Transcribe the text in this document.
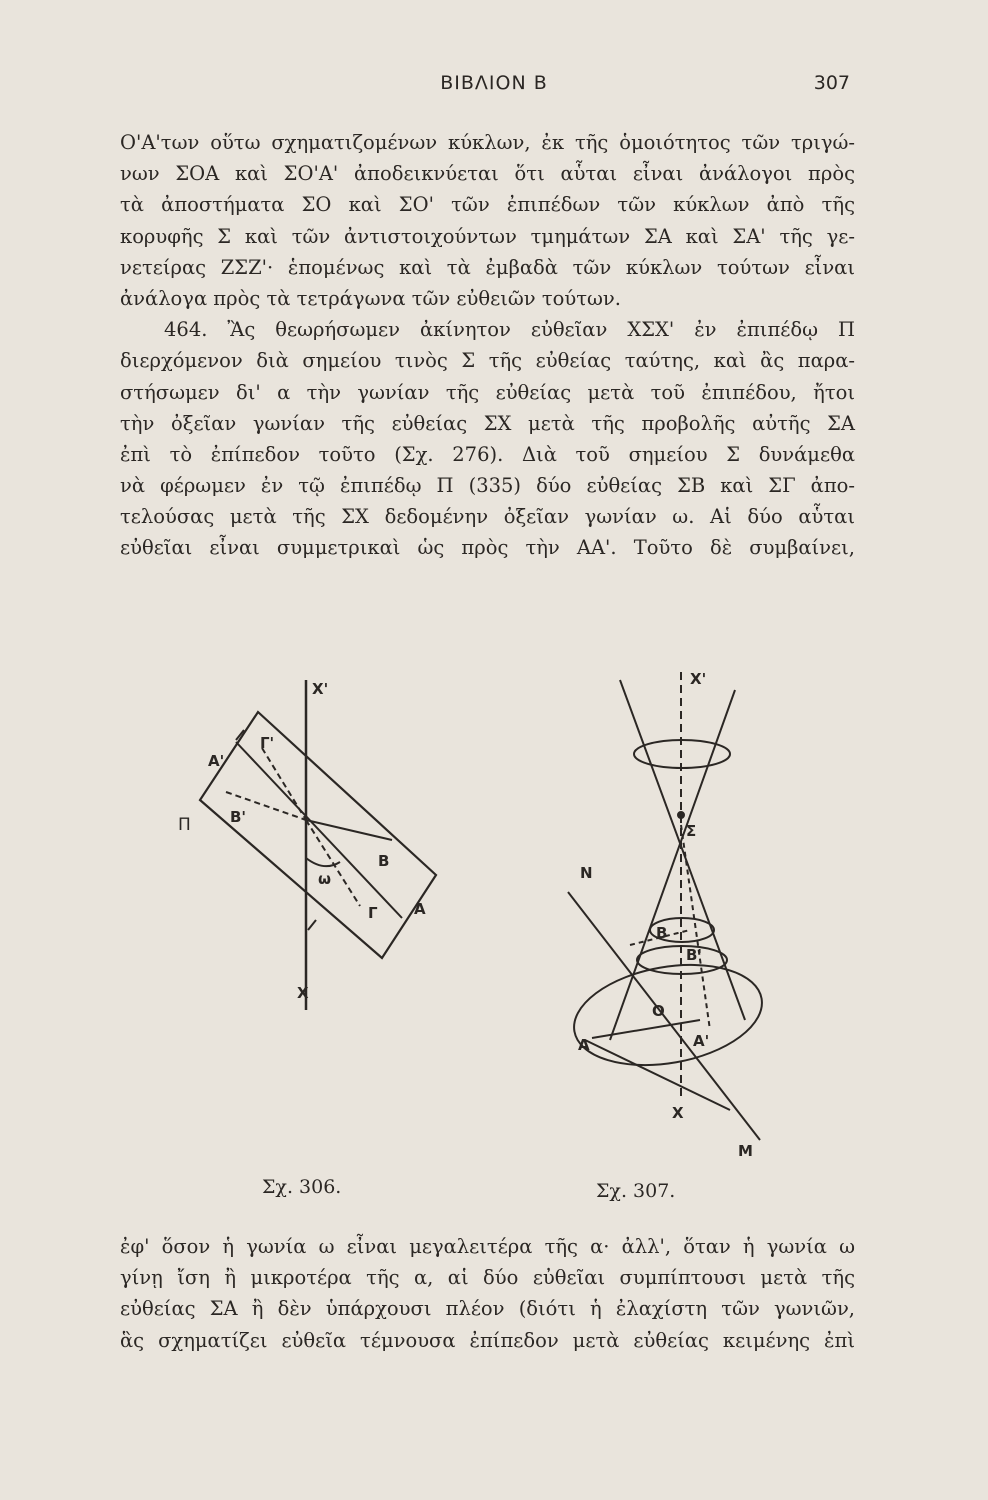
ΒΙΒΛΙΟΝ Β	307
Ο'Α'των οὕτω σχηματιζομένων κύκλων, ἐκ τῆς ὁμοιότητος τῶν τριγώ-
νων ΣΟΑ καὶ ΣΟ'Α' ἀποδεικνύεται ὅτι αὗται εἶναι ἀνάλογοι πρὸς
τὰ ἀποστήματα ΣΟ καὶ ΣΟ' τῶν ἐπιπέδων τῶν κύκλων ἀπὸ τῆς
κορυφῆς Σ καὶ τῶν ἀντιστοιχούντων τμημάτων ΣΑ καὶ ΣΑ' τῆς γε-
νετείρας ΖΣΖ'· ἑπομένως καὶ τὰ ἐμβαδὰ τῶν κύκλων τούτων εἶναι
ἀνάλογα πρὸς τὰ τετράγωνα τῶν εὐθειῶν τούτων.
464. Ἂς θεωρήσωμεν ἀκίνητον εὐθεῖαν ΧΣΧ' ἐν ἐπιπέδῳ Π
διερχόμενον διὰ σημείου τινὸς Σ τῆς εὐθείας ταύτης, καὶ ἂς παρα-
στήσωμεν δι' α τὴν γωνίαν τῆς εὐθείας μετὰ τοῦ ἐπιπέδου, ἤτοι
τὴν ὀξεῖαν γωνίαν τῆς εὐθείας ΣΧ μετὰ τῆς προβολῆς αὐτῆς ΣΑ
ἐπὶ τὸ ἐπίπεδον τοῦτο (Σχ. 276). Διὰ τοῦ σημείου Σ δυνάμεθα
νὰ φέρωμεν ἐν τῷ ἐπιπέδῳ Π (335) δύο εὐθείας ΣΒ καὶ ΣΓ ἀπο-
τελούσας μετὰ τῆς ΣΧ δεδομένην ὀξεῖαν γωνίαν ω. Αἱ δύο αὗται
εὐθεῖαι εἶναι συμμετρικαὶ ὡς πρὸς τὴν ΑΑ'. Τοῦτο δὲ συμβαίνει,
Χ'
Α'
Γ'
Π	Β'
Β
ω
Γ Α
Χ
Χ'
Σ
Ν
Β
Β'
Ο
Α	Α'
Χ
Μ
Σχ. 306.	Σχ. 307.
ἐφ' ὅσον ἡ γωνία ω εἶναι μεγαλειτέρα τῆς α· ἀλλ', ὅταν ἡ γωνία ω
γίνῃ ἴση ἢ μικροτέρα τῆς α, αἱ δύο εὐθεῖαι συμπίπτουσι μετὰ τῆς
εὐθείας ΣΑ ἢ δὲν ὑπάρχουσι πλέον (διότι ἡ ἐλαχίστη τῶν γωνιῶν,
ἃς σχηματίζει εὐθεῖα τέμνουσα ἐπίπεδον μετὰ εὐθείας κειμένης ἐπὶ
